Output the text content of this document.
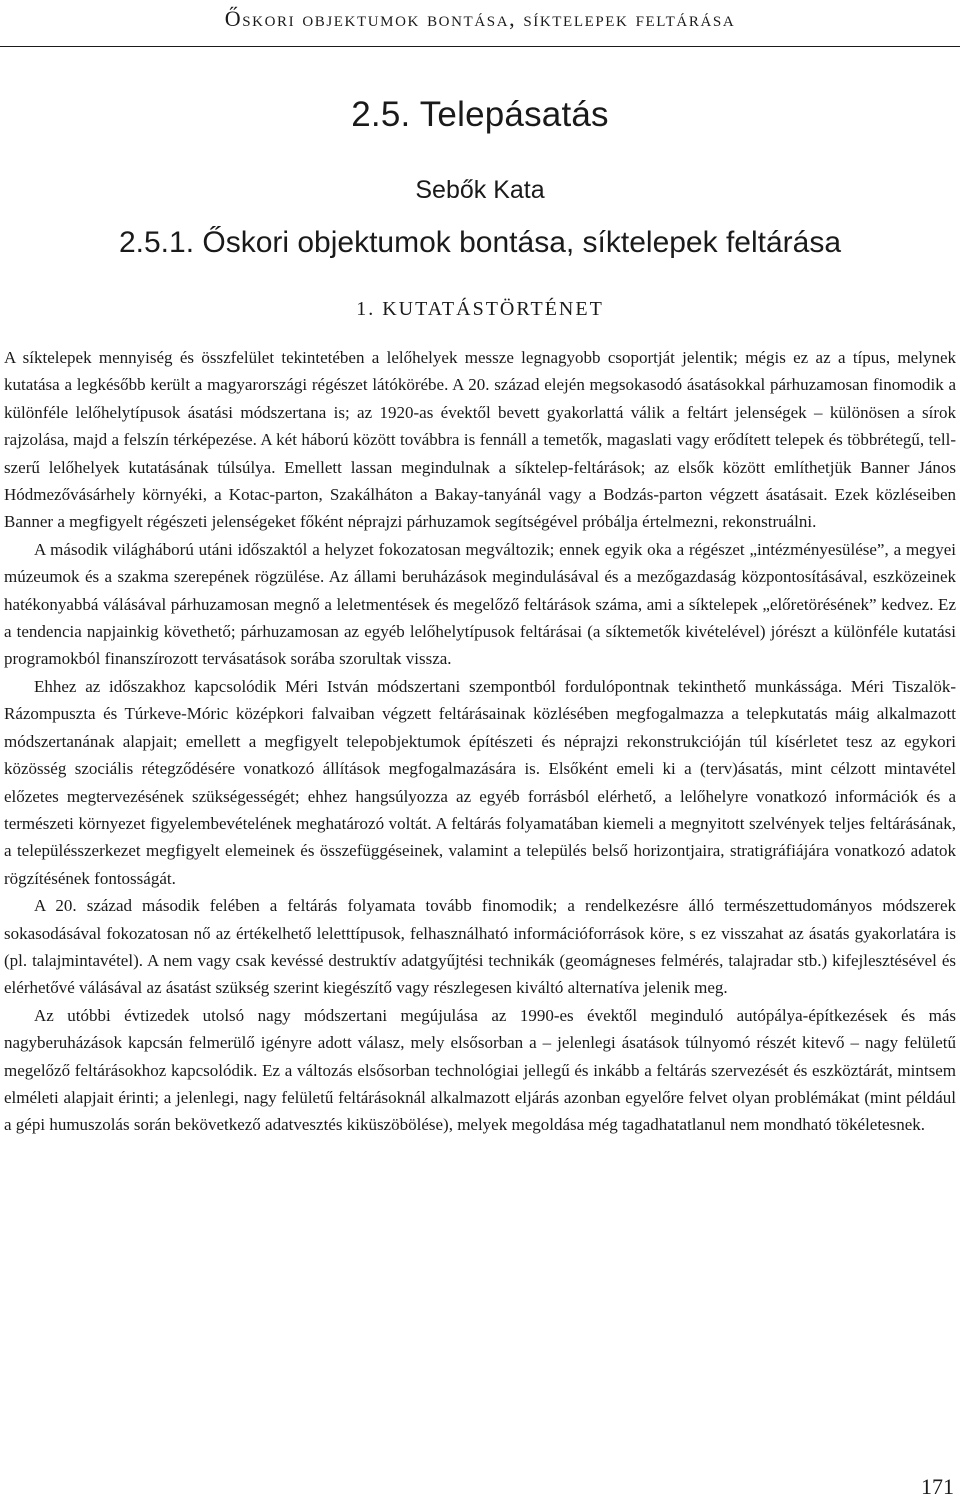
Őskori objektumok bontása, síktelepek feltárása
2.5. Telepásatás
Sebők Kata
2.5.1. Őskori objektumok bontása, síktelepek feltárása
1. KUTATÁSTÖRTÉNET

A síktelepek mennyiség és összfelület tekintetében a lelőhelyek messze legnagyobb csoportját jelentik; mégis ez az a típus, melynek kutatása a legkésőbb került a magyarországi régészet látókörébe. A 20. század elején megsokasodó ásatásokkal párhuzamosan finomodik a különféle lelőhelytípusok ásatási módszertana is; az 1920-as évektől bevett gyakorlattá válik a feltárt jelenségek – különösen a sírok rajzolása, majd a felszín térképezése. A két háború között továbbra is fennáll a temetők, magaslati vagy erődített telepek és többrétegű, tell-szerű lelőhelyek kutatásának túlsúlya. Emellett lassan megindulnak a síktelep-feltárások; az elsők között említhetjük Banner János Hódmezővásárhely környéki, a Kotac-parton, Szakálháton a Bakay-tanyánál vagy a Bodzás-parton végzett ásatásait. Ezek közléseiben Banner a megfigyelt régészeti jelenségeket főként néprajzi párhuzamok segítségével próbálja értelmezni, rekonstruálni.

A második világháború utáni időszaktól a helyzet fokozatosan megváltozik; ennek egyik oka a régészet „intézményesülése”, a megyei múzeumok és a szakma szerepének rögzülése. Az állami beruházások megindulásával és a mezőgazdaság központosításával, eszközeinek hatékonyabbá válásával párhuzamosan megnő a leletmentések és megelőző feltárások száma, ami a síktelepek „előretörésének” kedvez. Ez a tendencia napjainkig követhető; párhuzamosan az egyéb lelőhelytípusok feltárásai (a síktemetők kivételével) jórészt a különféle kutatási programokból finanszírozott tervásatások sorába szorultak vissza.

Ehhez az időszakhoz kapcsolódik Méri István módszertani szempontból fordulópontnak tekinthető munkássága. Méri Tiszalök-Rázompuszta és Túrkeve-Móric középkori falvaiban végzett feltárásainak közlésében megfogalmazza a telepkutatás máig alkalmazott módszertanának alapjait; emellett a megfigyelt telepobjektumok építészeti és néprajzi rekonstrukcióján túl kísérletet tesz az egykori közösség szociális rétegződésére vonatkozó állítások megfogalmazására is. Elsőként emeli ki a (terv)ásatás, mint célzott mintavétel előzetes megtervezésének szükségességét; ehhez hangsúlyozza az egyéb forrásból elérhető, a lelőhelyre vonatkozó információk és a természeti környezet figyelembevételének meghatározó voltát. A feltárás folyamatában kiemeli a megnyitott szelvények teljes feltárásának, a településszerkezet megfigyelt elemeinek és összefüggéseinek, valamint a település belső horizontjaira, stratigráfiájára vonatkozó adatok rögzítésének fontosságát.

A 20. század második felében a feltárás folyamata tovább finomodik; a rendelkezésre álló természettudományos módszerek sokasodásával fokozatosan nő az értékelhető leletttípusok, felhasználható információforrások köre, s ez visszahat az ásatás gyakorlatára is (pl. talajmintavétel). A nem vagy csak kevéssé destruktív adatgyűjtési technikák (geomágneses felmérés, talajradar stb.) kifejlesztésével és elérhetővé válásával az ásatást szükség szerint kiegészítő vagy részlegesen kiváltó alternatíva jelenik meg.

Az utóbbi évtizedek utolsó nagy módszertani megújulása az 1990-es évektől meginduló autópálya-építkezések és más nagyberuházások kapcsán felmerülő igényre adott válasz, mely elsősorban a – jelenlegi ásatások túlnyomó részét kitevő – nagy felületű megelőző feltárásokhoz kapcsolódik. Ez a változás elsősorban technológiai jellegű és inkább a feltárás szervezését és eszköztárát, mintsem elméleti alapjait érinti; a jelenlegi, nagy felületű feltárásoknál alkalmazott eljárás azonban egyelőre felvet olyan problémákat (mint például a gépi humuszolás során bekövetkező adatvesztés kiküszöbölése), melyek megoldása még tagadhatatlanul nem mondható tökéletesnek.

171
